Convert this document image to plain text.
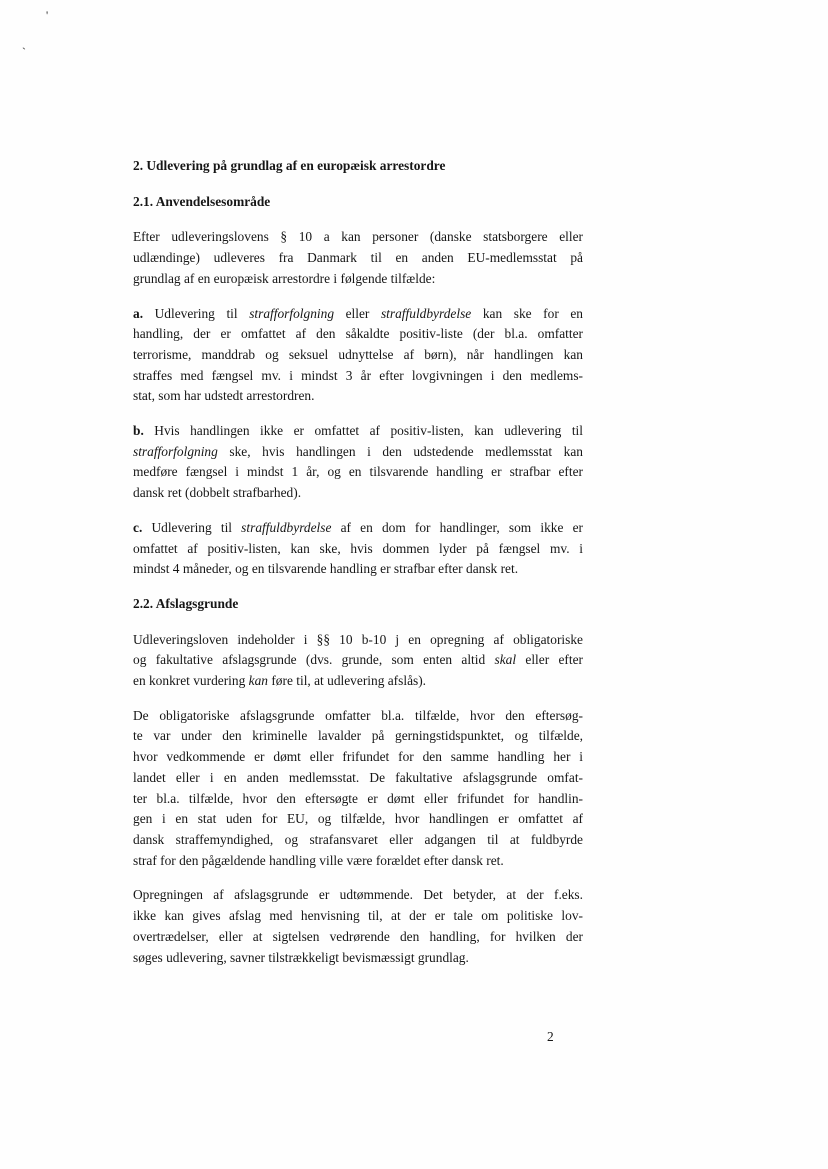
'
`
2. Udlevering på grundlag af en europæisk arrestordre
2.1. Anvendelsesområde
Efter udleveringslovens § 10 a kan personer (danske statsborgere eller
udlændinge) udleveres fra Danmark til en anden EU-medlemsstat på
grundlag af en europæisk arrestordre i følgende tilfælde:
a. Udlevering til strafforfolgning eller straffuldbyrdelse kan ske for en
handling, der er omfattet af den såkaldte positiv-liste (der bl.a. omfatter
terrorisme, manddrab og seksuel udnyttelse af børn), når handlingen kan
straffes med fængsel mv. i mindst 3 år efter lovgivningen i den medlems-
stat, som har udstedt arrestordren.
b. Hvis handlingen ikke er omfattet af positiv-listen, kan udlevering til
strafforfolgning ske, hvis handlingen i den udstedende medlemsstat kan
medføre fængsel i mindst 1 år, og en tilsvarende handling er strafbar efter
dansk ret (dobbelt strafbarhed).
c. Udlevering til straffuldbyrdelse af en dom for handlinger, som ikke er
omfattet af positiv-listen, kan ske, hvis dommen lyder på fængsel mv. i
mindst 4 måneder, og en tilsvarende handling er strafbar efter dansk ret.
2.2. Afslagsgrunde
Udleveringsloven indeholder i §§ 10 b-10 j en opregning af obligatoriske
og fakultative afslagsgrunde (dvs. grunde, som enten altid skal eller efter
en konkret vurdering kan føre til, at udlevering afslås).
De obligatoriske afslagsgrunde omfatter bl.a. tilfælde, hvor den eftersøg-
te var under den kriminelle lavalder på gerningstidspunktet, og tilfælde,
hvor vedkommende er dømt eller frifundet for den samme handling her i
landet eller i en anden medlemsstat. De fakultative afslagsgrunde omfat-
ter bl.a. tilfælde, hvor den eftersøgte er dømt eller frifundet for handlin-
gen i en stat uden for EU, og tilfælde, hvor handlingen er omfattet af
dansk straffemyndighed, og strafansvaret eller adgangen til at fuldbyrde
straf for den pågældende handling ville være forældet efter dansk ret.
Opregningen af afslagsgrunde er udtømmende. Det betyder, at der f.eks.
ikke kan gives afslag med henvisning til, at der er tale om politiske lov-
overtrædelser, eller at sigtelsen vedrørende den handling, for hvilken der
søges udlevering, savner tilstrækkeligt bevismæssigt grundlag.
2
